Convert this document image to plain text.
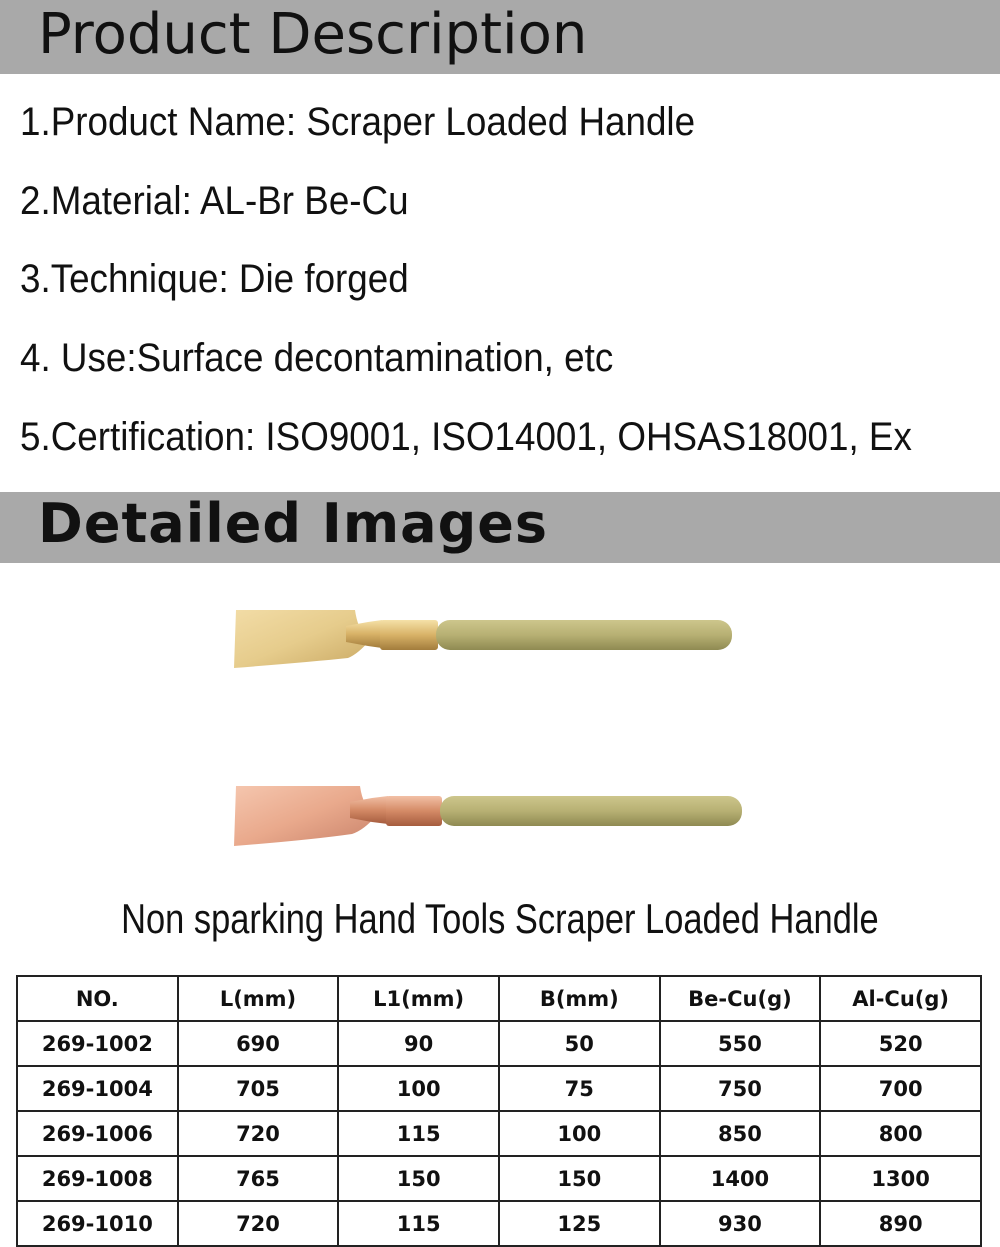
Product Description
1.Product Name: Scraper Loaded Handle
2.Material: AL-Br Be-Cu
3.Technique: Die forged
4. Use:Surface decontamination, etc
5.Certification: ISO9001, ISO14001, OHSAS18001, Ex
Detailed Images
Non sparking Hand Tools Scraper Loaded Handle
NO.	L(mm)	L1(mm)	B(mm)	Be-Cu(g)	Al-Cu(g)
269-1002	690	90	50	550	520
269-1004	705	100	75	750	700
269-1006	720	115	100	850	800
269-1008	765	150	150	1400	1300
269-1010	720	115	125	930	890
